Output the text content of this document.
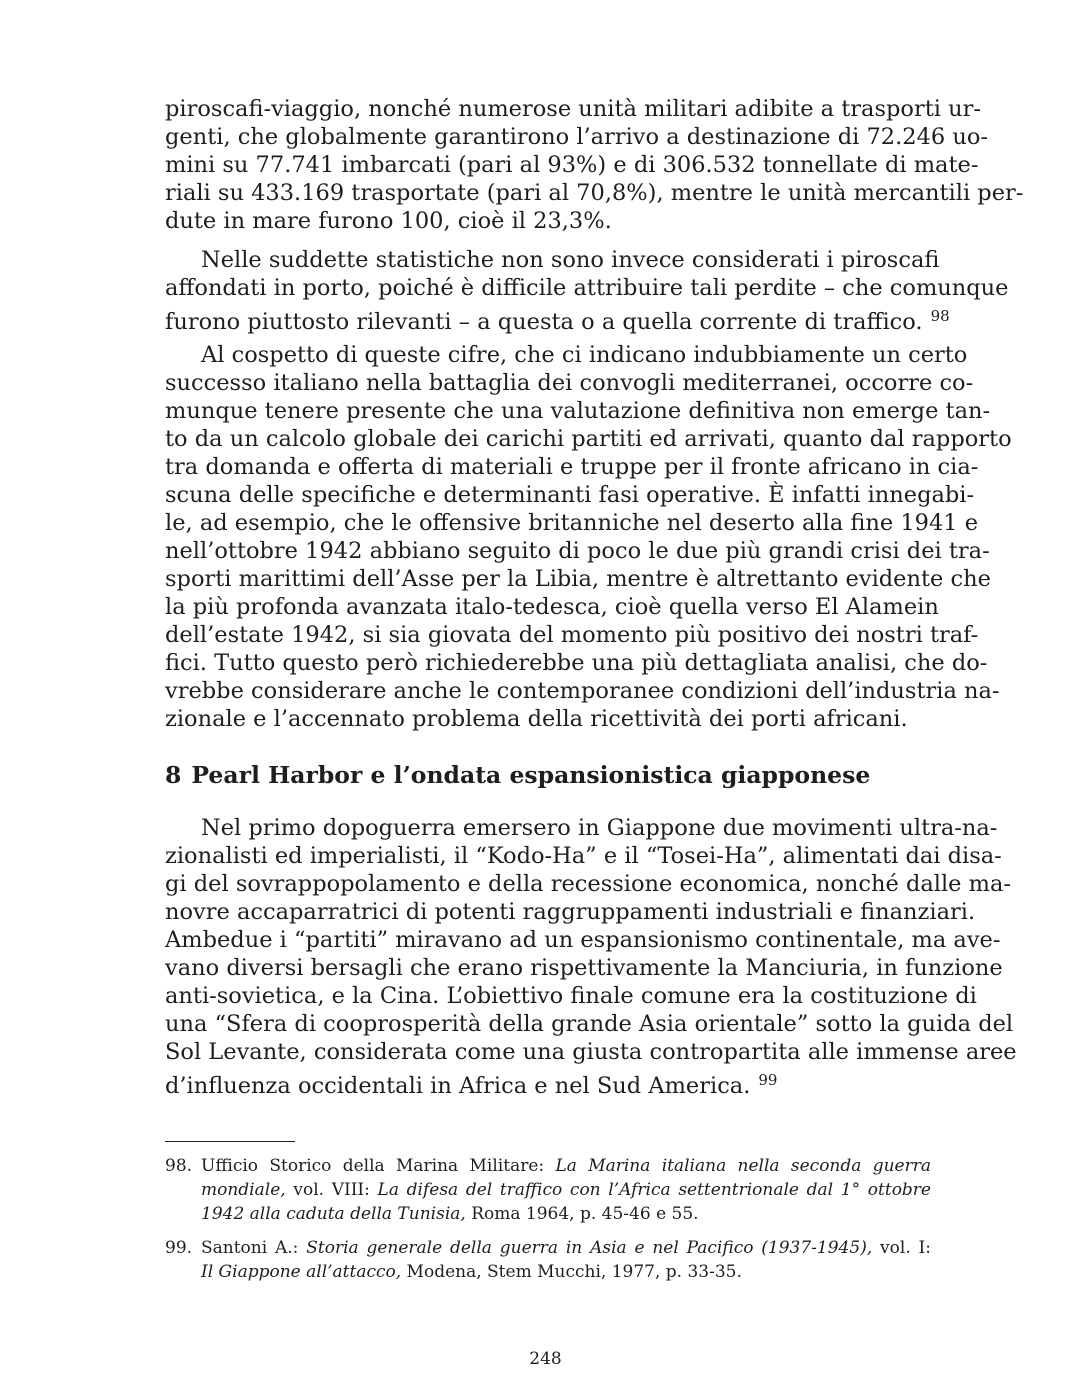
piroscafi-viaggio, nonché numerose unità militari adibite a trasporti ur-
genti, che globalmente garantirono l’arrivo a destinazione di 72.246 uo-
mini su 77.741 imbarcati (pari al 93%) e di 306.532 tonnellate di mate-
riali su 433.169 trasportate (pari al 70,8%), mentre le unità mercantili per-
dute in mare furono 100, cioè il 23,3%.
Nelle suddette statistiche non sono invece considerati i piroscafi
affondati in porto, poiché è difficile attribuire tali perdite – che comunque
furono piuttosto rilevanti – a questa o a quella corrente di traffico. $^{98}$
Al cospetto di queste cifre, che ci indicano indubbiamente un certo
successo italiano nella battaglia dei convogli mediterranei, occorre co-
munque tenere presente che una valutazione definitiva non emerge tan-
to da un calcolo globale dei carichi partiti ed arrivati, quanto dal rapporto
tra domanda e offerta di materiali e truppe per il fronte africano in cia-
scuna delle specifiche e determinanti fasi operative. È infatti innegabi-
le, ad esempio, che le offensive britanniche nel deserto alla fine 1941 e
nell’ottobre 1942 abbiano seguito di poco le due più grandi crisi dei tra-
sporti marittimi dell’Asse per la Libia, mentre è altrettanto evidente che
la più profonda avanzata italo-tedesca, cioè quella verso El Alamein
dell’estate 1942, si sia giovata del momento più positivo dei nostri traf-
fici. Tutto questo però richiederebbe una più dettagliata analisi, che do-
vrebbe considerare anche le contemporanee condizioni dell’industria na-
zionale e l’accennato problema della ricettività dei porti africani.
8 Pearl Harbor e l’ondata espansionistica giapponese
Nel primo dopoguerra emersero in Giappone due movimenti ultra-na-
zionalisti ed imperialisti, il “Kodo-Ha” e il “Tosei-Ha”, alimentati dai disa-
gi del sovrappopolamento e della recessione economica, nonché dalle ma-
novre accaparratrici di potenti raggruppamenti industriali e finanziari.
Ambedue i “partiti” miravano ad un espansionismo continentale, ma ave-
vano diversi bersagli che erano rispettivamente la Manciuria, in funzione
anti-sovietica, e la Cina. L’obiettivo finale comune era la costituzione di
una “Sfera di cooprosperità della grande Asia orientale” sotto la guida del
Sol Levante, considerata come una giusta contropartita alle immense aree
d’influenza occidentali in Africa e nel Sud America. $^{99}$
98. Ufficio Storico della Marina Militare: La Marina italiana nella seconda guerra
mondiale, vol. VIII: La difesa del traffico con l’Africa settentrionale dal 1° ottobre
1942 alla caduta della Tunisia, Roma 1964, p. 45-46 e 55.
99. Santoni A.: Storia generale della guerra in Asia e nel Pacifico (1937-1945), vol. I:
Il Giappone all’attacco, Modena, Stem Mucchi, 1977, p. 33-35.
248
